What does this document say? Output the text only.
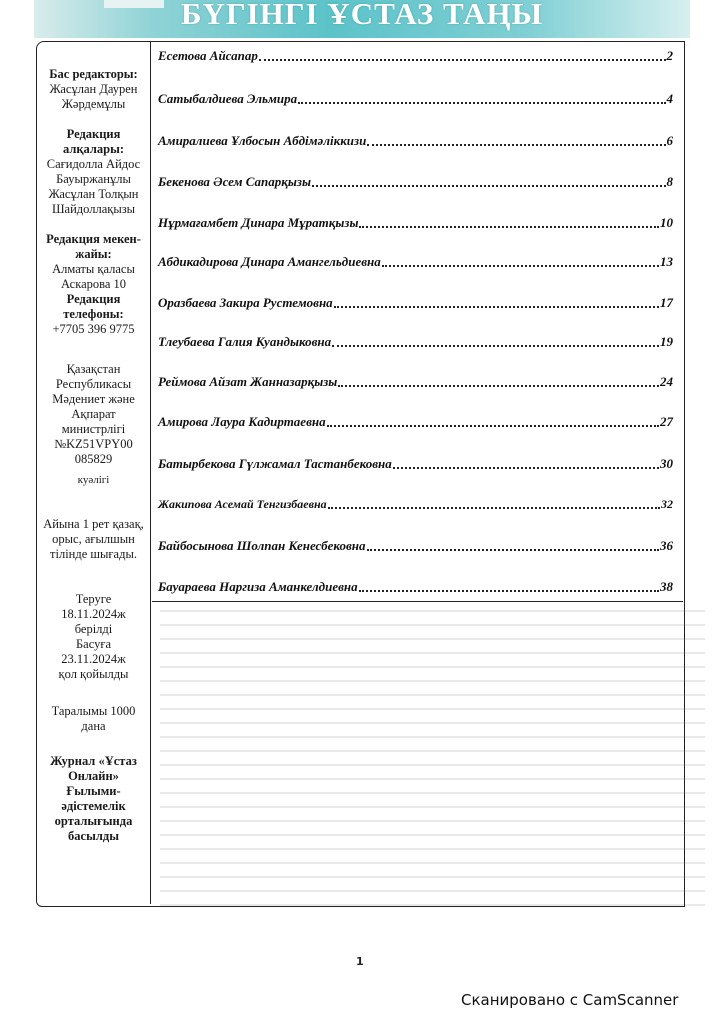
БҮГІНГІ ҰСТАЗ ТАҢЫ
Бас редакторы:
Жасұлан Даурен Жәрдемұлы
Редакция алқалары:
Сағидолла Айдос Бауыржанұлы Жасұлан Толқын Шайдоллақызы
Редакция мекен-жайы:
Алматы қаласы Аскарова 10
Редакция телефоны:
+7705 396 9775
Қазақстан Республикасы Мәдениет және Ақпарат министрлігі №KZ51VPY00 085829
куәлігі
Айына 1 рет қазақ, орыс, ағылшын тілінде шығады.
Теруге
18.11.2024ж
берілді
Басуға
23.11.2024ж
қол қойылды
Таралымы 1000 дана
Журнал «Ұстаз Онлайн» Ғылыми-әдістемелік орталығында басылды
Есетова Айсапар	2
Сатыбалдиева Эльмира	4
Амиралиева Ұлбосын Абдімәліккизи	6
Бекенова Әсем Сапарқызы	8
Нұрмағамбет Динара Мұратқызы	10
Абдикадирова Динара Амангельдиевна	13
Оразбаева Закира Рустемовна	17
Тлеубаева Галия Куандыковна	19
Реймова Айзат Жанназарқызы	24
Амирова Лаура Кадиртаевна	27
Батырбекова Гүлжамал Тастанбековна	30
Жакипова Асемай Тенгизбаевна	32
Байбосынова Шолпан Кенесбековна	36
Бауараева Наргиза Аманкелдиевна	38
1
Сканировано с CamScanner
